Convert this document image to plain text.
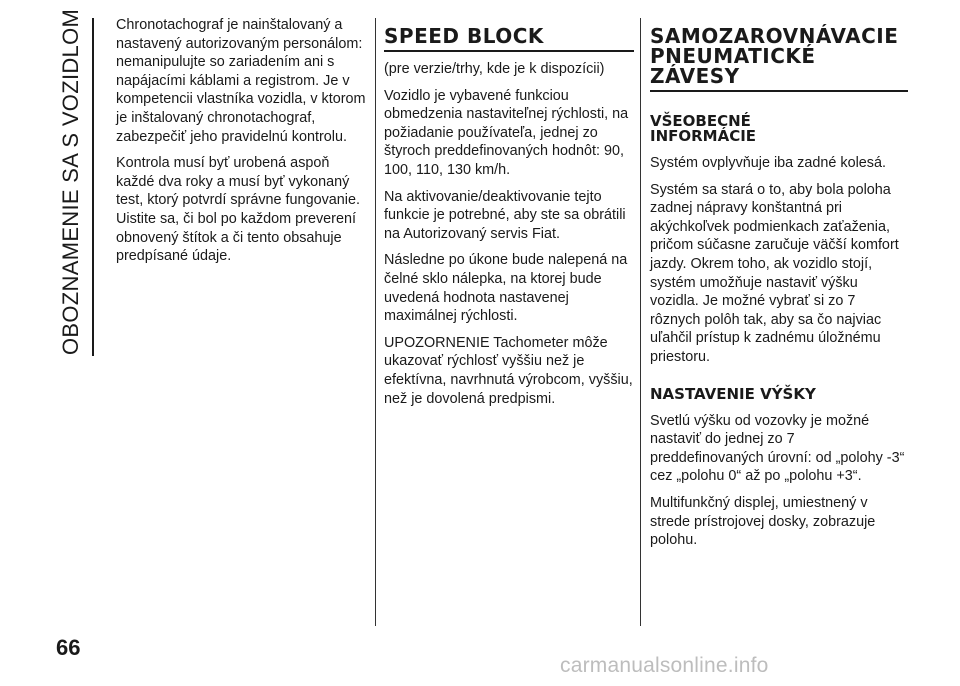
OBOZNAMENIE SA S VOZIDLOM
66

Chronotachograf je nainštalovaný a nastavený autorizovaným personálom: nemanipulujte so zariadením ani s napájacími káblami a registrom. Je v kompetencii vlastníka vozidla, v ktorom je inštalovaný chronotachograf, zabezpečiť jeho pravidelnú kontrolu.

Kontrola musí byť urobená aspoň každé dva roky a musí byť vykonaný test, ktorý potvrdí správne fungovanie. Uistite sa, či bol po každom preverení obnovený štítok a či tento obsahuje predpísané údaje.

SPEED BLOCK

(pre verzie/trhy, kde je k dispozícii)

Vozidlo je vybavené funkciou obmedzenia nastaviteľnej rýchlosti, na požiadanie používateľa, jednej zo štyroch preddefinovaných hodnôt: 90, 100, 110, 130 km/h.

Na aktivovanie/deaktivovanie tejto funkcie je potrebné, aby ste sa obrátili na Autorizovaný servis Fiat.

Následne po úkone bude nalepená na čelné sklo nálepka, na ktorej bude uvedená hodnota nastavenej maximálnej rýchlosti.

UPOZORNENIE Tachometer môže ukazovať rýchlosť vyššiu než je efektívna, navrhnutá výrobcom, vyššiu, než je dovolená predpismi.

SAMOZAROVNÁVACIE
PNEUMATICKÉ
ZÁVESY
VŠEOBECNÉ
INFORMÁCIE

Systém ovplyvňuje iba zadné kolesá.

Systém sa stará o to, aby bola poloha zadnej nápravy konštantná pri akýchkoľvek podmienkach zaťaženia, pričom súčasne zaručuje väčší komfort jazdy. Okrem toho, ak vozidlo stojí, systém umožňuje nastaviť výšku vozidla. Je možné vybrať si zo 7 rôznych polôh tak, aby sa čo najviac uľahčil prístup k zadnému úložnému priestoru.

NASTAVENIE VÝŠKY

Svetlú výšku od vozovky je možné nastaviť do jednej zo 7 preddefinovaných úrovní: od „polohy -3“ cez „polohu 0“ až po „polohu +3“.

Multifunkčný displej, umiestnený v strede prístrojovej dosky, zobrazuje polohu.

carmanualsonline.info
